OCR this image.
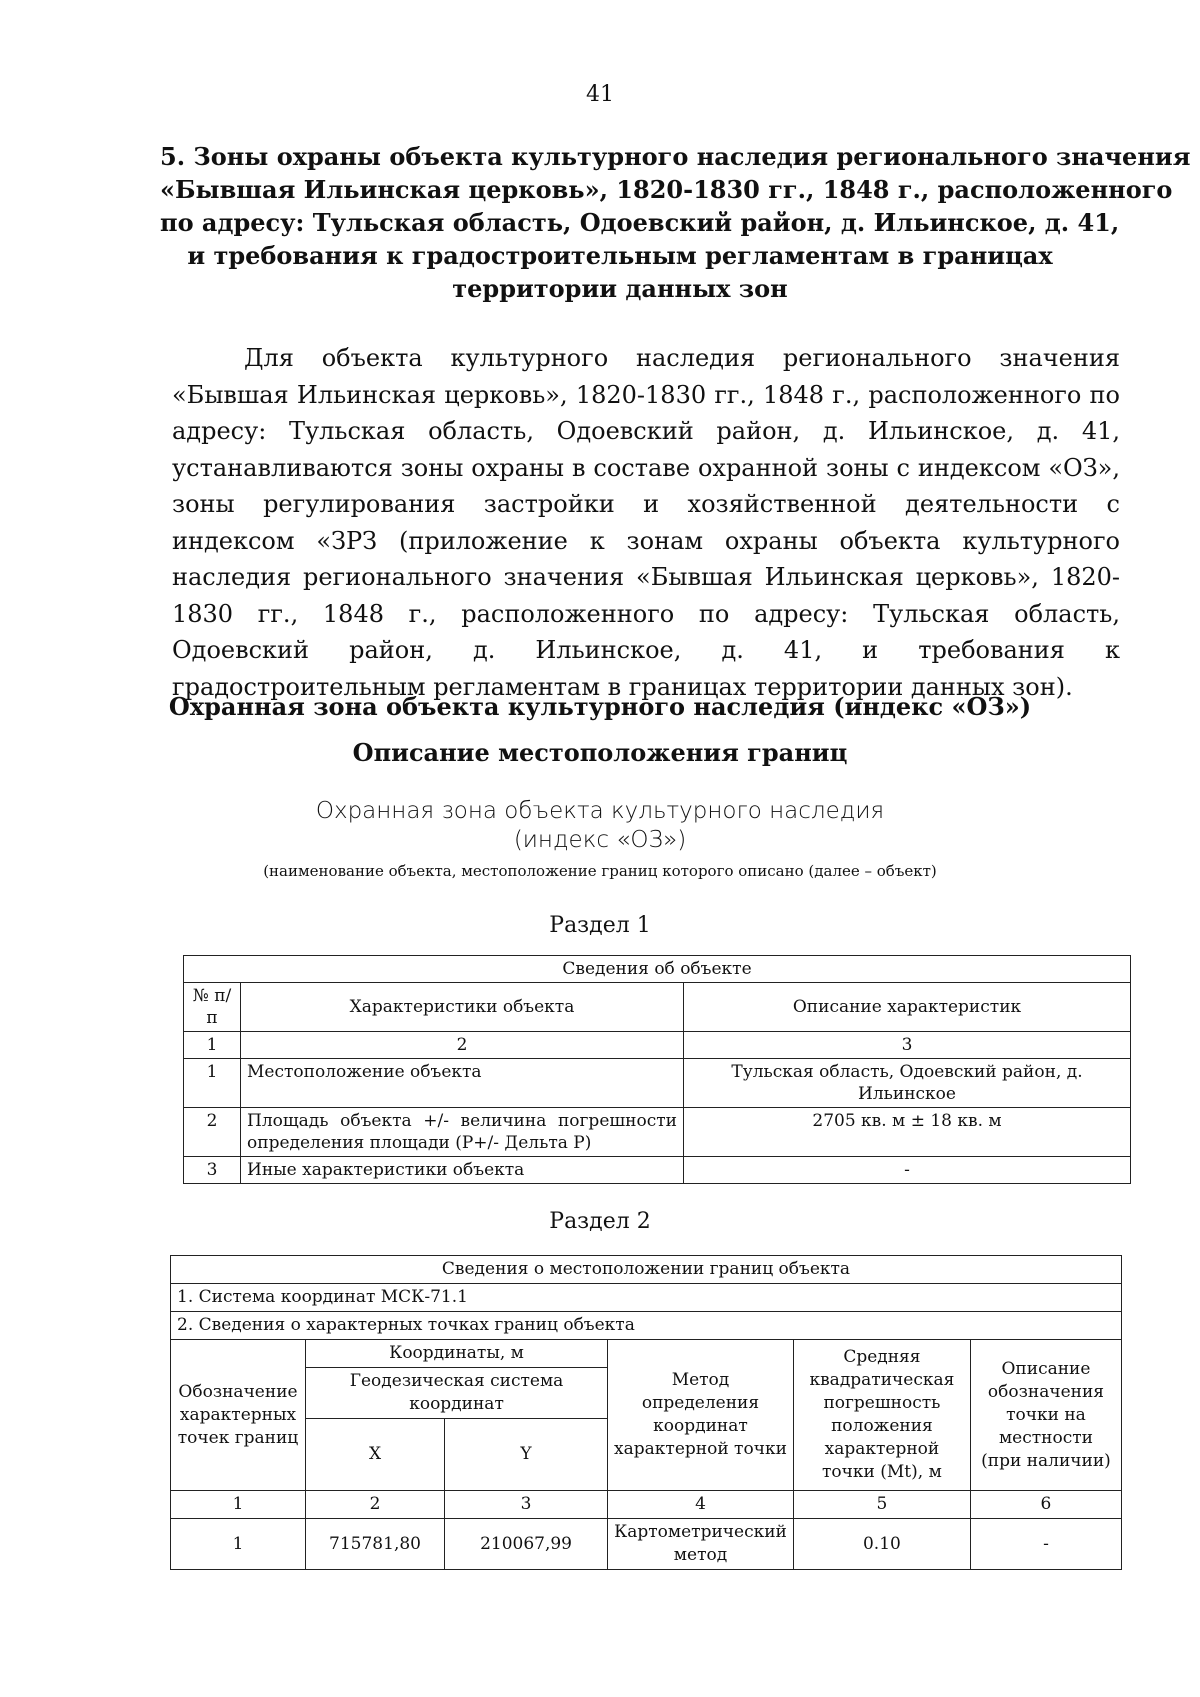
41
5. Зоны охраны объекта культурного наследия регионального значения
«Бывшая Ильинская церковь», 1820-1830 гг., 1848 г., расположенного
по адресу: Тульская область, Одоевский район, д. Ильинское, д. 41,
и требования к градостроительным регламентам в границах
территории данных зон

Для объекта культурного наследия регионального значения «Бывшая Ильинская церковь», 1820-1830 гг., 1848 г., расположенного по адресу: Тульская область, Одоевский район, д. Ильинское, д. 41, устанавливаются зоны охраны в составе охранной зоны с индексом «ОЗ», зоны регулирования застройки и хозяйственной деятельности с индексом «ЗРЗ (приложение к зонам охраны объекта культурного наследия регионального значения «Бывшая Ильинская церковь», 1820-1830 гг., 1848 г., расположенного по адресу: Тульская область, Одоевский район, д. Ильинское, д. 41, и требования к градостроительным регламентам в границах территории данных зон).

Охранная зона объекта культурного наследия (индекс «ОЗ»)
Описание местоположения границ
Охранная зона объекта культурного наследия
(индекс «ОЗ»)
(наименование объекта, местоположение границ которого описано (далее – объект)
Раздел 1
Сведения об объекте		
№ п/п	Характеристики объекта	Описание характеристик
1	2	3
1	Местоположение объекта	Тульская область, Одоевский район, д. Ильинское
2	Площадь объекта +/- величина погрешности определения площади (P+/- Дельта P)	2705 кв. м ± 18 кв. м
3	Иные характеристики объекта	-
Раздел 2
Сведения о местоположении границ объекта					
1. Система координат МСК-71.1					
2. Сведения о характерных точках границ объекта					
Обозначение характерных точек границ	Координаты, м		Метод определения координат характерной точки	Средняя квадратическая погрешность положения характерной точки (Mt), м	Описание обозначения точки на местности (при наличии)
	Геодезическая система координат				
	X	Y			
1	2	3	4	5	6
1	715781,80	210067,99	Картометрический метод	0.10	-
